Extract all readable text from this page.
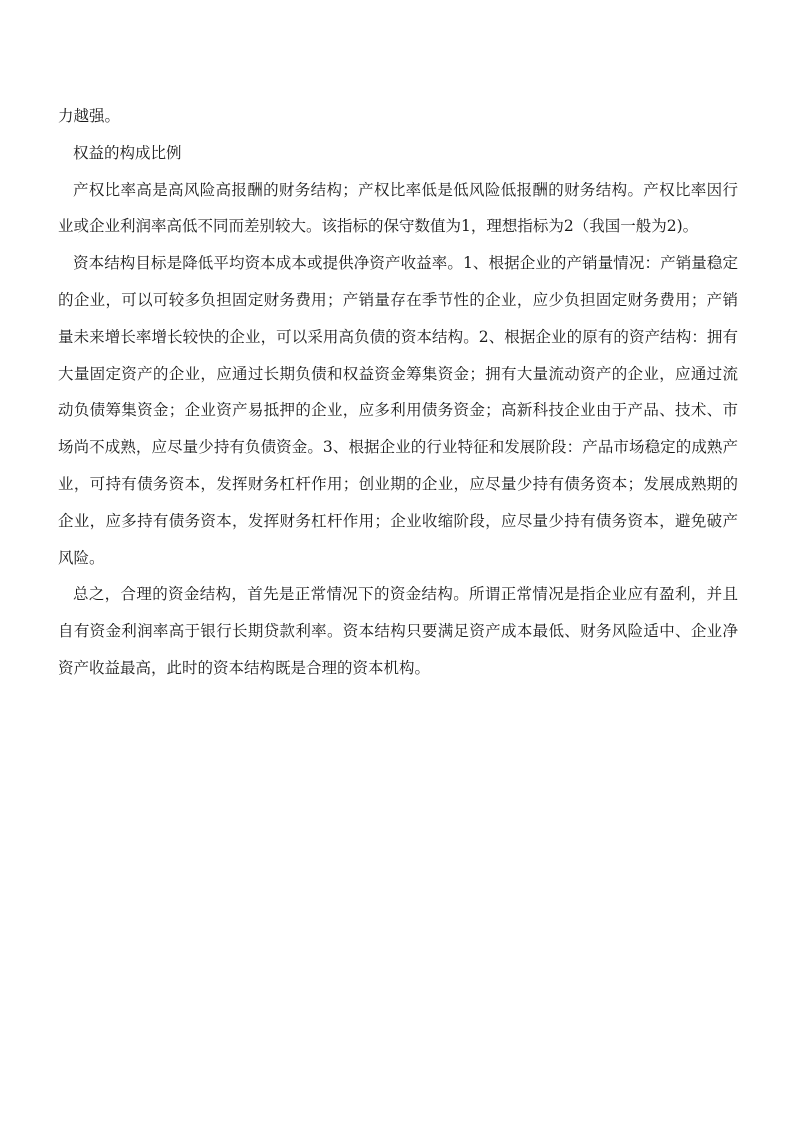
力越强。

权益的构成比例

产权比率高是高风险高报酬的财务结构；产权比率低是低风险低报酬的财务结构。产权比率因行业或企业利润率高低不同而差别较大。该指标的保守数值为1，理想指标为2（我国一般为2)。

资本结构目标是降低平均资本成本或提供净资产收益率。1、根据企业的产销量情况：产销量稳定的企业，可以可较多负担固定财务费用；产销量存在季节性的企业，应少负担固定财务费用；产销量未来增长率增长较快的企业，可以采用高负债的资本结构。2、根据企业的原有的资产结构：拥有大量固定资产的企业，应通过长期负债和权益资金筹集资金；拥有大量流动资产的企业，应通过流动负债筹集资金；企业资产易抵押的企业，应多利用债务资金；高新科技企业由于产品、技术、市场尚不成熟，应尽量少持有负债资金。3、根据企业的行业特征和发展阶段：产品市场稳定的成熟产业，可持有债务资本，发挥财务杠杆作用；创业期的企业，应尽量少持有债务资本；发展成熟期的企业，应多持有债务资本，发挥财务杠杆作用；企业收缩阶段，应尽量少持有债务资本，避免破产风险。

总之，合理的资金结构，首先是正常情况下的资金结构。所谓正常情况是指企业应有盈利，并且自有资金利润率高于银行长期贷款利率。资本结构只要满足资产成本最低、财务风险适中、企业净资产收益最高，此时的资本结构既是合理的资本机构。
